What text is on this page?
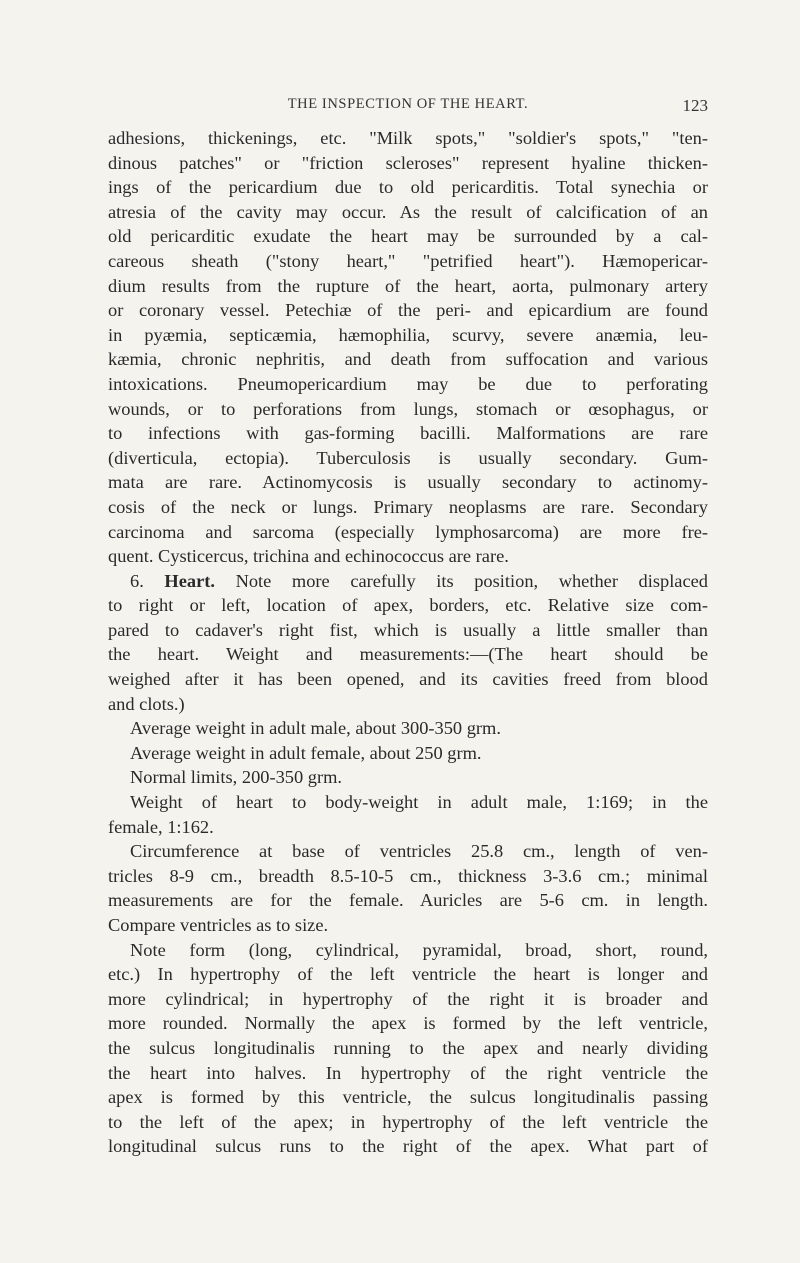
THE INSPECTION OF THE HEART.	123
adhesions, thickenings, etc. "Milk spots," "soldier's spots," "ten-
dinous patches" or "friction scleroses" represent hyaline thicken-
ings of the pericardium due to old pericarditis. Total synechia or
atresia of the cavity may occur. As the result of calcification of an
old pericarditic exudate the heart may be surrounded by a cal-
careous sheath ("stony heart," "petrified heart"). Hæmopericar-
dium results from the rupture of the heart, aorta, pulmonary artery
or coronary vessel. Petechiæ of the peri- and epicardium are found
in pyæmia, septicæmia, hæmophilia, scurvy, severe anæmia, leu-
kæmia, chronic nephritis, and death from suffocation and various
intoxications. Pneumopericardium may be due to perforating
wounds, or to perforations from lungs, stomach or œsophagus, or
to infections with gas-forming bacilli. Malformations are rare
(diverticula, ectopia). Tuberculosis is usually secondary. Gum-
mata are rare. Actinomycosis is usually secondary to actinomy-
cosis of the neck or lungs. Primary neoplasms are rare. Secondary
carcinoma and sarcoma (especially lymphosarcoma) are more fre-
quent. Cysticercus, trichina and echinococcus are rare.
6. Heart. Note more carefully its position, whether displaced
to right or left, location of apex, borders, etc. Relative size com-
pared to cadaver's right fist, which is usually a little smaller than
the heart. Weight and measurements:—(The heart should be
weighed after it has been opened, and its cavities freed from blood
and clots.)
Average weight in adult male, about 300-350 grm.
Average weight in adult female, about 250 grm.
Normal limits, 200-350 grm.
Weight of heart to body-weight in adult male, 1:169; in the
female, 1:162.
Circumference at base of ventricles 25.8 cm., length of ven-
tricles 8-9 cm., breadth 8.5-10-5 cm., thickness 3-3.6 cm.; minimal
measurements are for the female. Auricles are 5-6 cm. in length.
Compare ventricles as to size.
Note form (long, cylindrical, pyramidal, broad, short, round,
etc.) In hypertrophy of the left ventricle the heart is longer and
more cylindrical; in hypertrophy of the right it is broader and
more rounded. Normally the apex is formed by the left ventricle,
the sulcus longitudinalis running to the apex and nearly dividing
the heart into halves. In hypertrophy of the right ventricle the
apex is formed by this ventricle, the sulcus longitudinalis passing
to the left of the apex; in hypertrophy of the left ventricle the
longitudinal sulcus runs to the right of the apex. What part of
